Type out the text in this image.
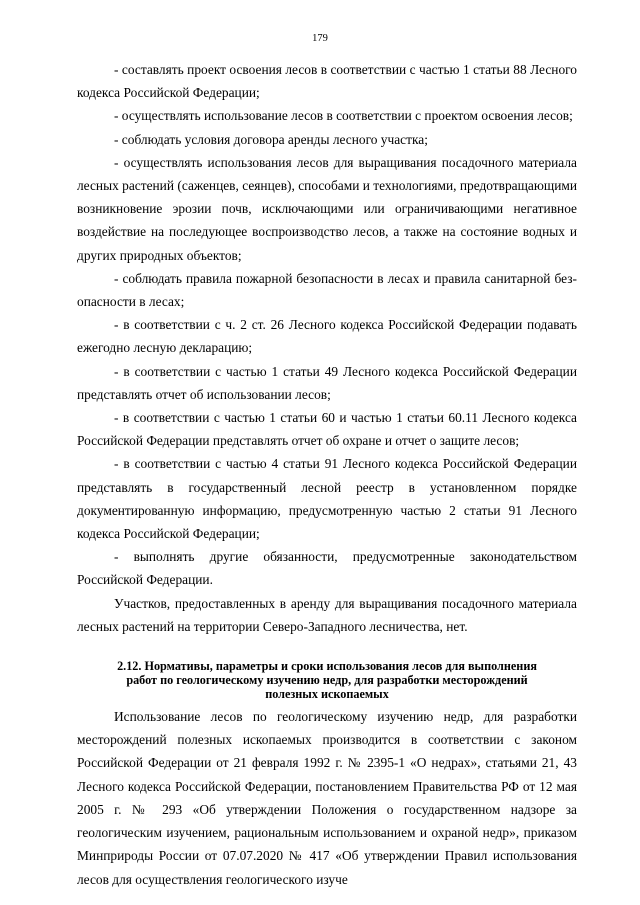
179

- составлять проект освоения лесов в соответствии с частью 1 статьи 88 Лесного кодекса Российской Федерации;

- осуществлять использование лесов в соответствии с проектом освоения лесов;

- соблюдать условия договора аренды лесного участка;

- осуществлять использования лесов для выращивания посадочного материала лесных растений (саженцев, сеянцев), способами и технологиями, предотвращающими возникновение эрозии почв, исключающими или ограничивающими негативное воздействие на последующее воспроизводство лесов, а также на состояние водных и других природных объектов;

- соблюдать правила пожарной безопасности в лесах и правила санитарной безопасности в лесах;

- в соответствии с ч. 2 ст. 26 Лесного кодекса Российской Федерации подавать ежегодно лесную декларацию;

- в соответствии с частью 1 статьи 49 Лесного кодекса Российской Федерации представлять отчет об использовании лесов;

- в соответствии с частью 1 статьи 60 и частью 1 статьи 60.11 Лесного кодекса Российской Федерации представлять отчет об охране и отчет о защите лесов;

- в соответствии с частью 4 статьи 91 Лесного кодекса Российской Федерации представлять в государственный лесной реестр в установленном порядке документированную информацию, предусмотренную частью 2 статьи 91 Лесного кодекса Российской Федерации;

- выполнять другие обязанности, предусмотренные законодательством Российской Федерации.

Участков, предоставленных в аренду для выращивания посадочного материала лесных растений на территории Северо-Западного лесничества, нет.

2.12. Нормативы, параметры и сроки использования лесов для выполнения работ по геологическому изучению недр, для разработки месторождений полезных ископаемых

Использование лесов по геологическому изучению недр, для разработки месторождений полезных ископаемых производится в соответствии с законом Российской Федерации от 21 февраля 1992 г. № 2395-1 «О недрах», статьями 21, 43 Лесного кодекса Российской Федерации, постановлением Правительства РФ от 12 мая 2005 г. № 293 «Об утверждении Положения о государственном надзоре за геологическим изучением, рациональным использованием и охраной недр», приказом Минприроды России от 07.07.2020 № 417 «Об утверждении Правил использования лесов для осуществления геологического изуче
